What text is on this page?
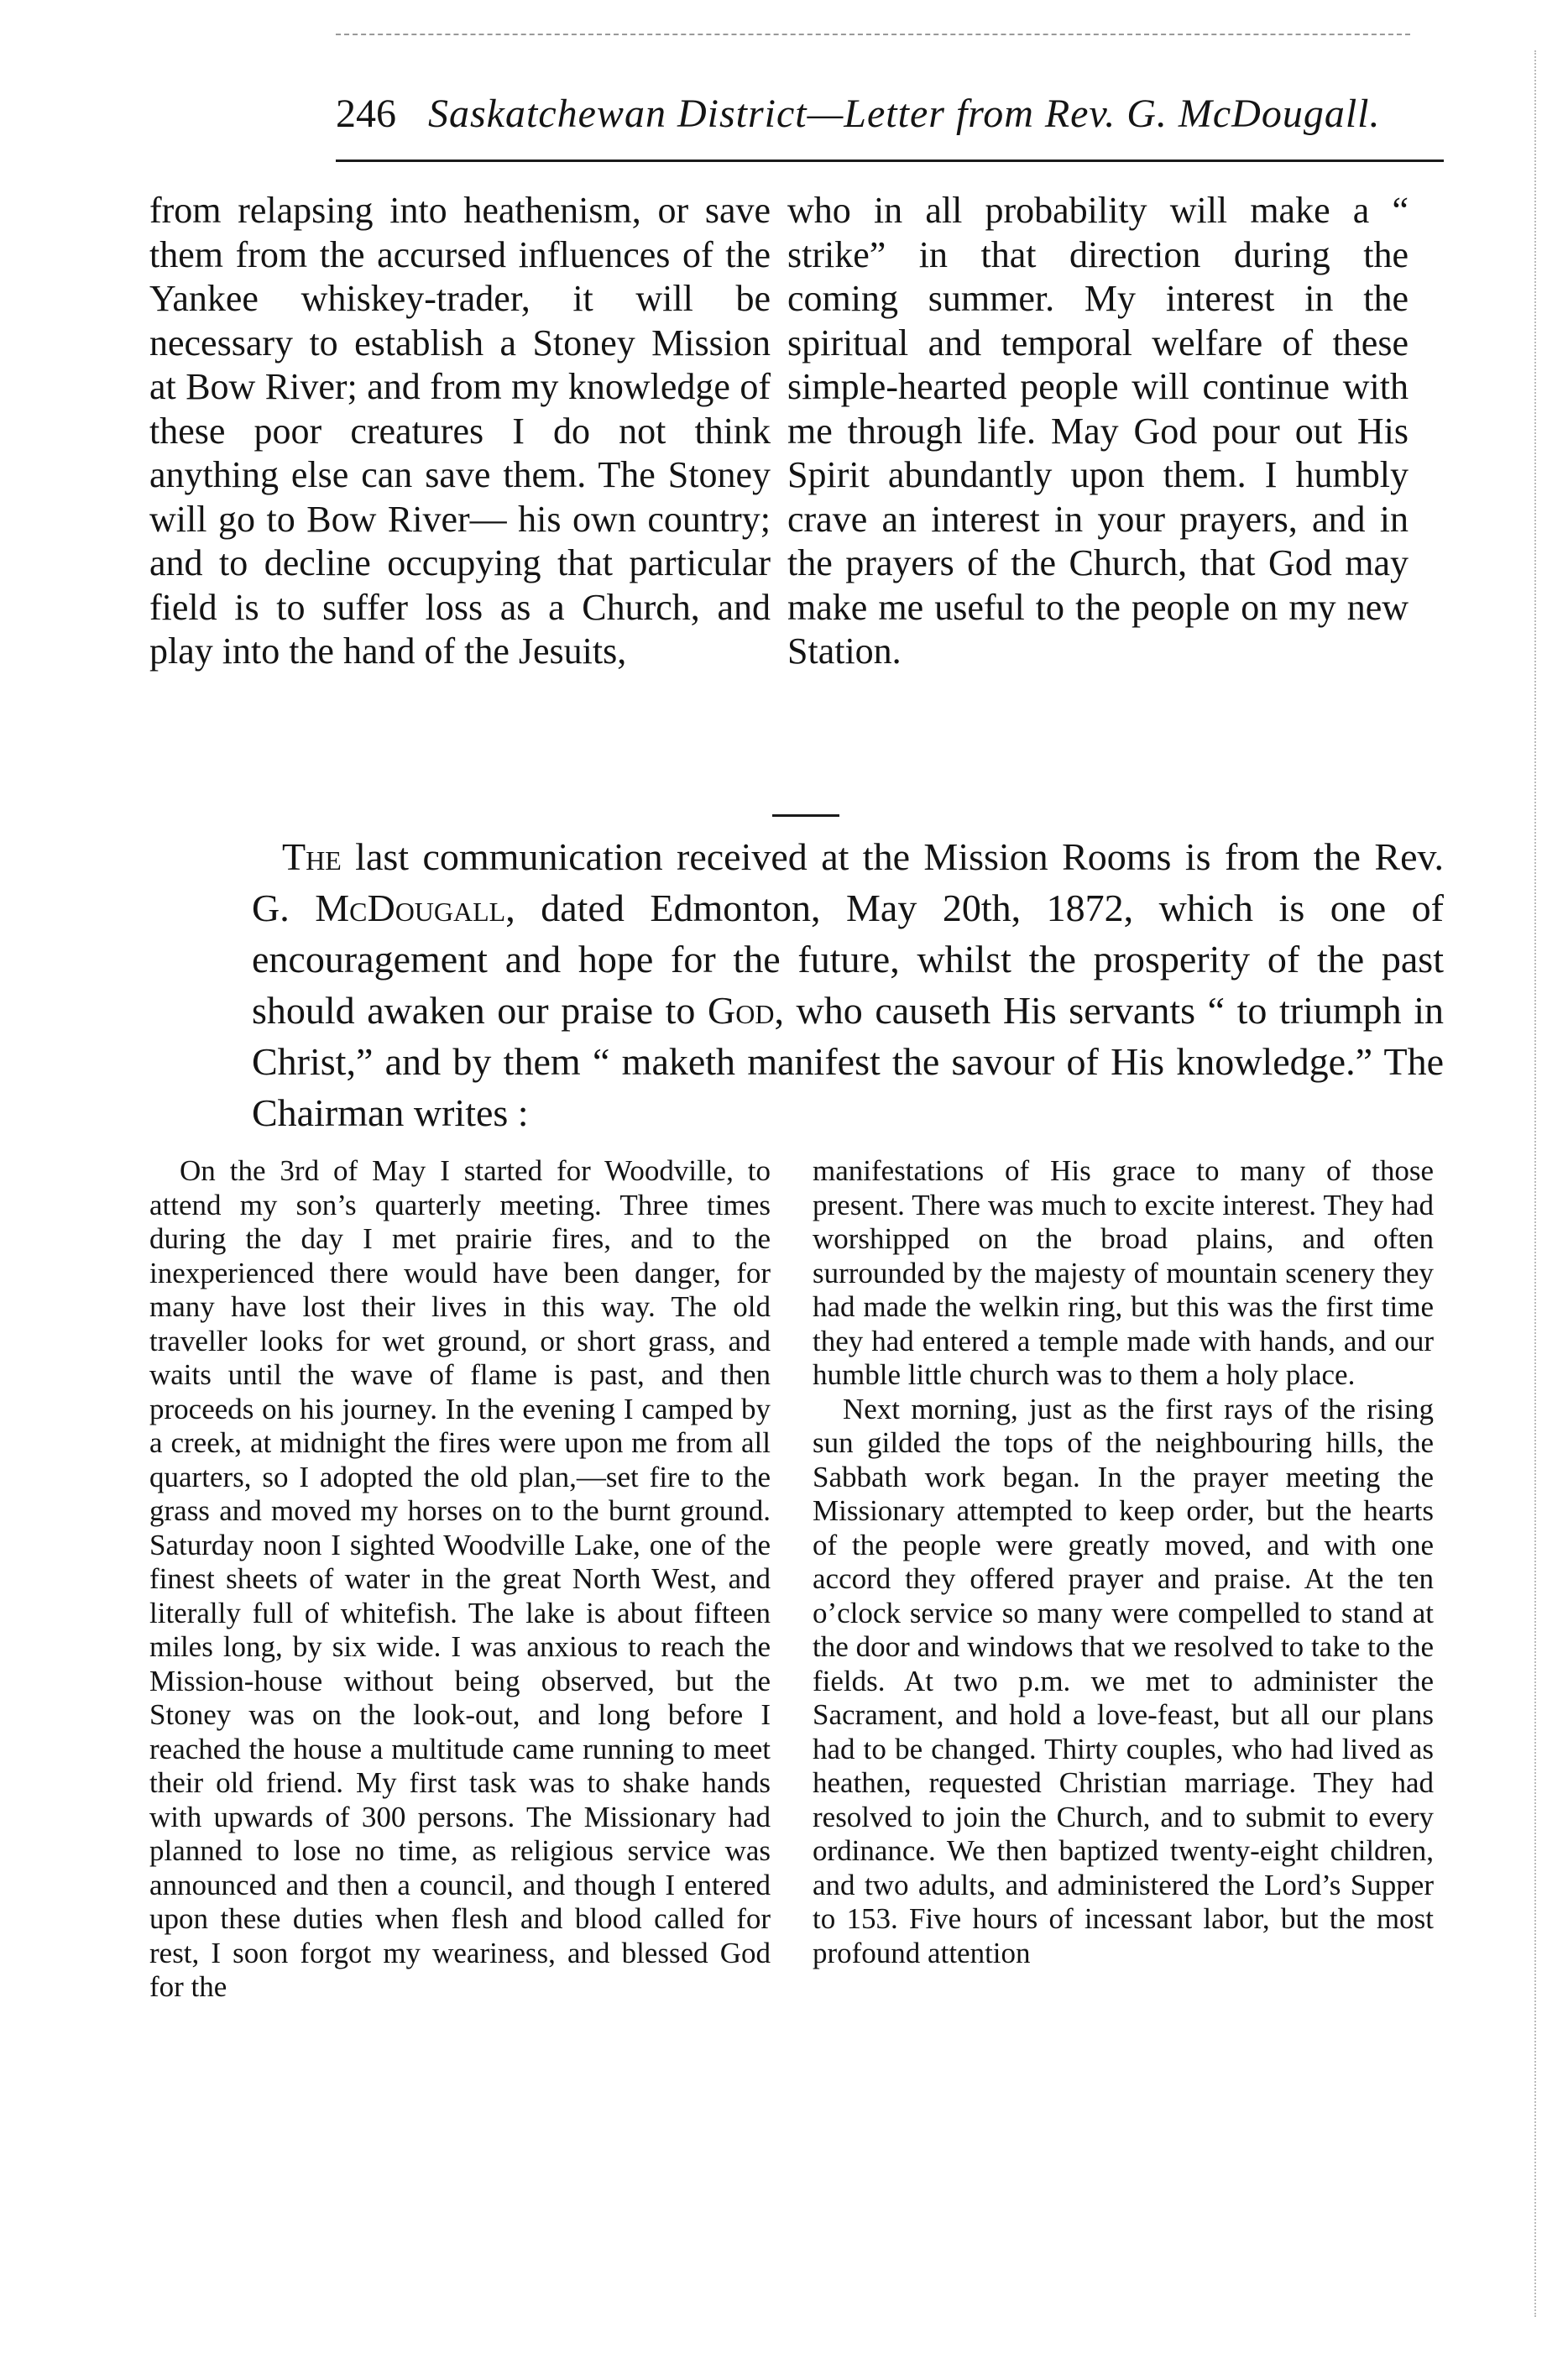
246 Saskatchewan District—Letter from Rev. G. McDougall.

from relapsing into heathenism, or save them from the accursed influences of the Yankee whiskey-trader, it will be necessary to establish a Stoney Mission at Bow River; and from my knowledge of these poor creatures I do not think anything else can save them. The Stoney will go to Bow River— his own country; and to decline occupying that particular field is to suffer loss as a Church, and play into the hand of the Jesuits,

who in all probability will make a “ strike” in that direction during the coming summer. My interest in the spiritual and temporal welfare of these simple-hearted people will continue with me through life. May God pour out His Spirit abundantly upon them. I humbly crave an interest in your prayers, and in the prayers of the Church, that God may make me useful to the people on my new Station.

The last communication received at the Mission Rooms is from the Rev. G. McDougall, dated Edmonton, May 20th, 1872, which is one of encouragement and hope for the future, whilst the prosperity of the past should awaken our praise to God, who causeth His servants “ to triumph in Christ,” and by them “ maketh manifest the savour of His knowledge.” The Chairman writes :

On the 3rd of May I started for Woodville, to attend my son’s quarterly meeting. Three times during the day I met prairie fires, and to the inexperienced there would have been danger, for many have lost their lives in this way. The old traveller looks for wet ground, or short grass, and waits until the wave of flame is past, and then proceeds on his journey. In the evening I camped by a creek, at midnight the fires were upon me from all quarters, so I adopted the old plan,—set fire to the grass and moved my horses on to the burnt ground. Saturday noon I sighted Woodville Lake, one of the finest sheets of water in the great North West, and literally full of whitefish. The lake is about fifteen miles long, by six wide. I was anxious to reach the Mission-house without being observed, but the Stoney was on the look-out, and long before I reached the house a multitude came running to meet their old friend. My first task was to shake hands with upwards of 300 persons. The Missionary had planned to lose no time, as religious service was announced and then a council, and though I entered upon these duties when flesh and blood called for rest, I soon forgot my weariness, and blessed God for the

manifestations of His grace to many of those present. There was much to excite interest. They had worshipped on the broad plains, and often surrounded by the majesty of mountain scenery they had made the welkin ring, but this was the first time they had entered a temple made with hands, and our humble little church was to them a holy place.

Next morning, just as the first rays of the rising sun gilded the tops of the neighbouring hills, the Sabbath work began. In the prayer meeting the Missionary attempted to keep order, but the hearts of the people were greatly moved, and with one accord they offered prayer and praise. At the ten o’clock service so many were compelled to stand at the door and windows that we resolved to take to the fields. At two p.m. we met to administer the Sacrament, and hold a love-feast, but all our plans had to be changed. Thirty couples, who had lived as heathen, requested Christian marriage. They had resolved to join the Church, and to submit to every ordinance. We then baptized twenty-eight children, and two adults, and administered the Lord’s Supper to 153. Five hours of incessant labor, but the most profound attention
